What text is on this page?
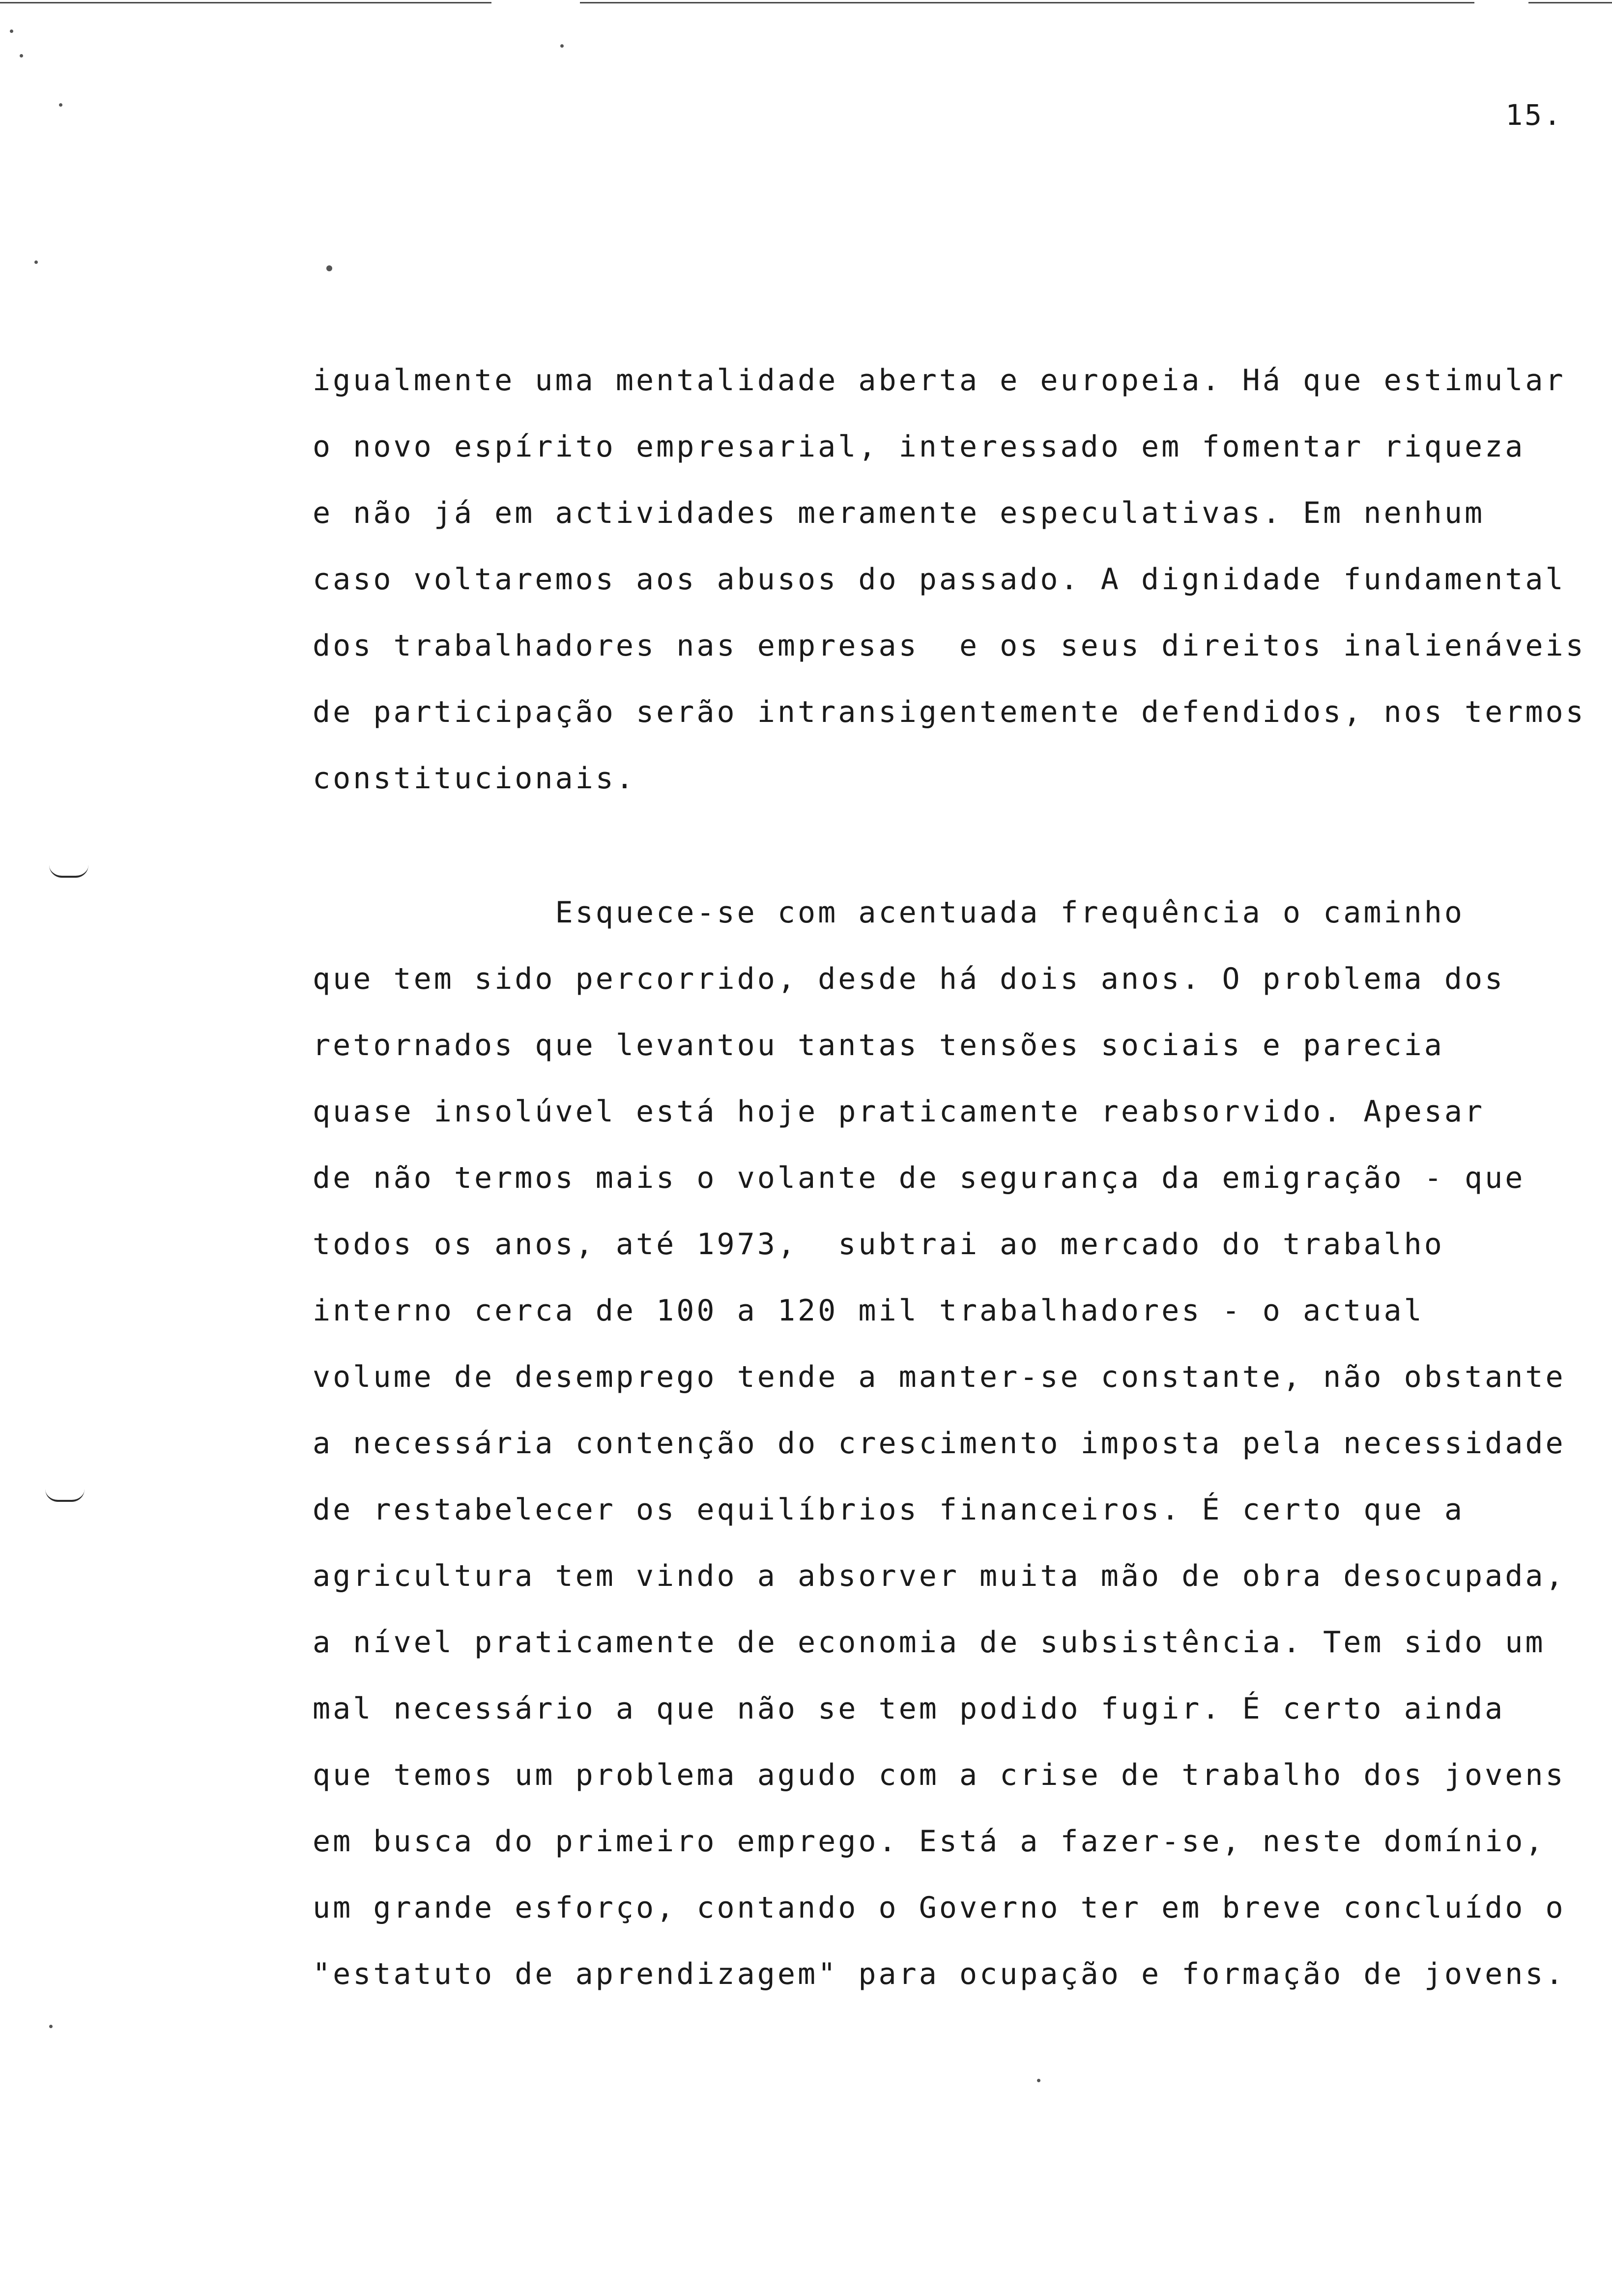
15.
igualmente uma mentalidade aberta e europeia. Há que estimular
o novo espírito empresarial, interessado em fomentar riqueza
e não já em actividades meramente especulativas. Em nenhum
caso voltaremos aos abusos do passado. A dignidade fundamental
dos trabalhadores nas empresas  e os seus direitos inalienáveis
de participação serão intransigentemente defendidos, nos termos
constitucionais.
Esquece-se com acentuada frequência o caminho
que tem sido percorrido, desde há dois anos. O problema dos
retornados que levantou tantas tensões sociais e parecia
quase insolúvel está hoje praticamente reabsorvido. Apesar
de não termos mais o volante de segurança da emigração - que
todos os anos, até 1973,  subtrai ao mercado do trabalho
interno cerca de 100 a 120 mil trabalhadores - o actual
volume de desemprego tende a manter-se constante, não obstante
a necessária contenção do crescimento imposta pela necessidade
de restabelecer os equilíbrios financeiros. É certo que a
agricultura tem vindo a absorver muita mão de obra desocupada,
a nível praticamente de economia de subsistência. Tem sido um
mal necessário a que não se tem podido fugir. É certo ainda
que temos um problema agudo com a crise de trabalho dos jovens
em busca do primeiro emprego. Está a fazer-se, neste domínio,
um grande esforço, contando o Governo ter em breve concluído o
"estatuto de aprendizagem" para ocupação e formação de jovens.
